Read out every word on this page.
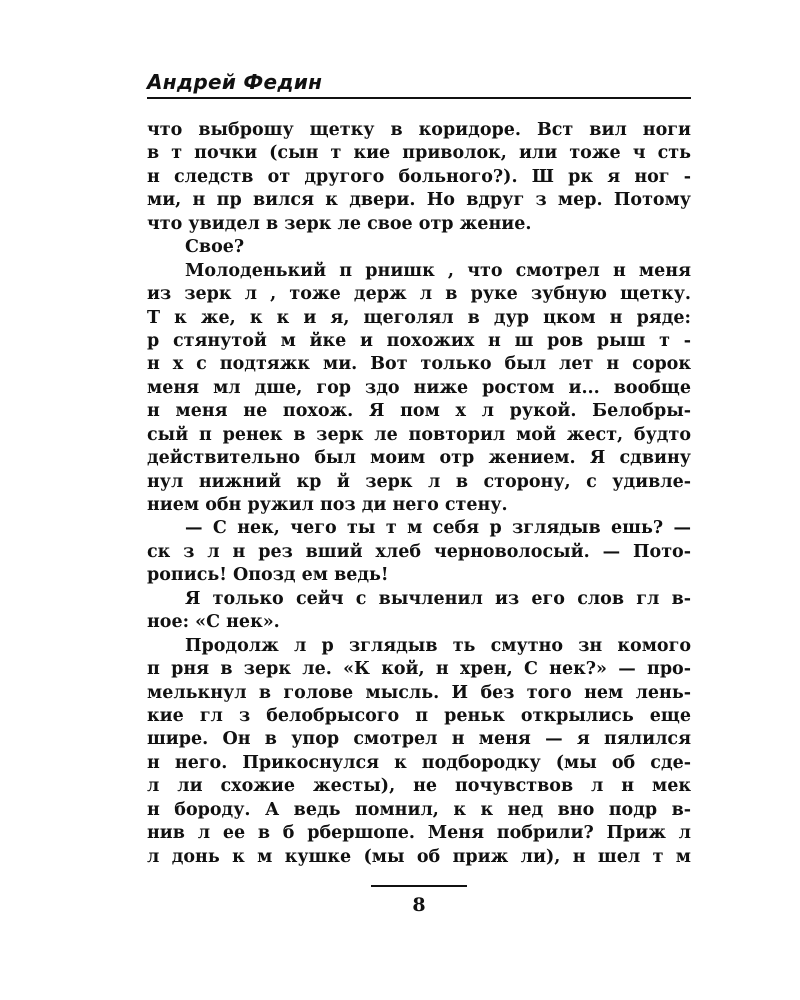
Андрей Федин
что выброшу щетку в коридоре. Вст вил ноги
в т почки (сын т кие приволок, или тоже ч сть
н следств от другого больного?). Ш рк я ног -
ми, н пр вился к двери. Но вдруг з мер. Потому
что увидел в зерк ле свое отр жение.
Свое?
Молоденький п рнишк , что смотрел н меня
из зерк л , тоже держ л в руке зубную щетку.
Т к же, к к и я, щеголял в дур цком н ряде:
р стянутой м йке и похожих н ш ров рыш т -
н х с подтяжк ми. Вот только был лет н сорок
меня мл дше, гор здо ниже ростом и... вообще
н меня не похож. Я пом х л рукой. Белобры-
сый п ренек в зерк ле повторил мой жест, будто
действительно был моим отр жением. Я сдвину
нул нижний кр й зерк л в сторону, с удивле-
нием обн ружил поз ди него стену.
— С нек, чего ты т м себя р зглядыв ешь? —
ск з л н рез вший хлеб черноволосый. — Пото-
ропись! Опозд ем ведь!
Я только сейч с вычленил из его слов гл в-
ное: «С нек».
Продолж л р зглядыв ть смутно зн комого
п рня в зерк ле. «К кой, н хрен, С нек?» — про-
мелькнул в голове мысль. И без того нем лень-
кие гл з белобрысого п реньк открылись еще
шире. Он в упор смотрел н меня — я пялился
н него. Прикоснулся к подбородку (мы об сде-
л ли схожие жесты), не почувствов л н мек
н бороду. А ведь помнил, к к нед вно подр в-
нив л ее в б рбершопе. Меня побрили? Приж л
л донь к м кушке (мы об приж ли), н шел т м
8
